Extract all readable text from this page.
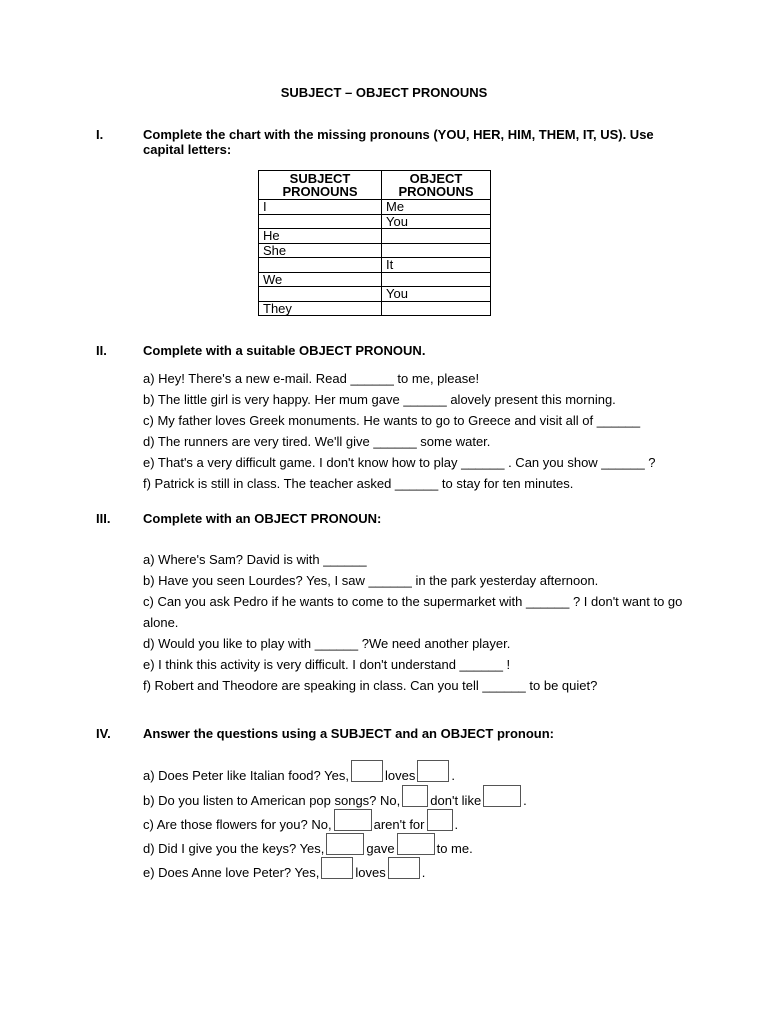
SUBJECT – OBJECT PRONOUNS
I.	Complete the chart with the missing pronouns (YOU, HER, HIM, THEM, IT, US). Use capital letters:
SUBJECT PRONOUNS	OBJECT PRONOUNS
I	Me
	You
He	
She	
	It
We	
	You
They	
II.	Complete with a suitable OBJECT PRONOUN.
a) Hey! There's a new e-mail. Read ______ to me, please!
b) The little girl is very happy. Her mum gave ______ alovely present this morning.
c) My father loves Greek monuments. He wants to go to Greece and visit all of ______
d) The runners are very tired. We'll give ______ some water.
e) That's a very difficult game. I don't know how to play ______ . Can you show ______ ?
f) Patrick is still in class. The teacher asked ______ to stay for ten minutes.
III.	Complete with an OBJECT PRONOUN:
a) Where's Sam? David is with ______
b) Have you seen Lourdes? Yes, I saw ______ in the park yesterday afternoon.
c) Can you ask Pedro if he wants to come to the supermarket with ______ ? I don't want to go
alone.
d) Would you like to play with ______ ?We need another player.
e) I think this activity is very difficult. I don't understand ______ !
f) Robert and Theodore are speaking in class. Can you tell ______ to be quiet?
IV. Answer the questions using a SUBJECT and an OBJECT pronoun:
a) Does Peter like Italian food? Yes,	loves	.
b) Do you listen to American pop songs? No, don't like	.
c) Are those flowers for you? No,	aren't for .
d) Did I give you the keys? Yes,	gave	to me.
e) Does Anne love Peter? Yes,	loves	.
